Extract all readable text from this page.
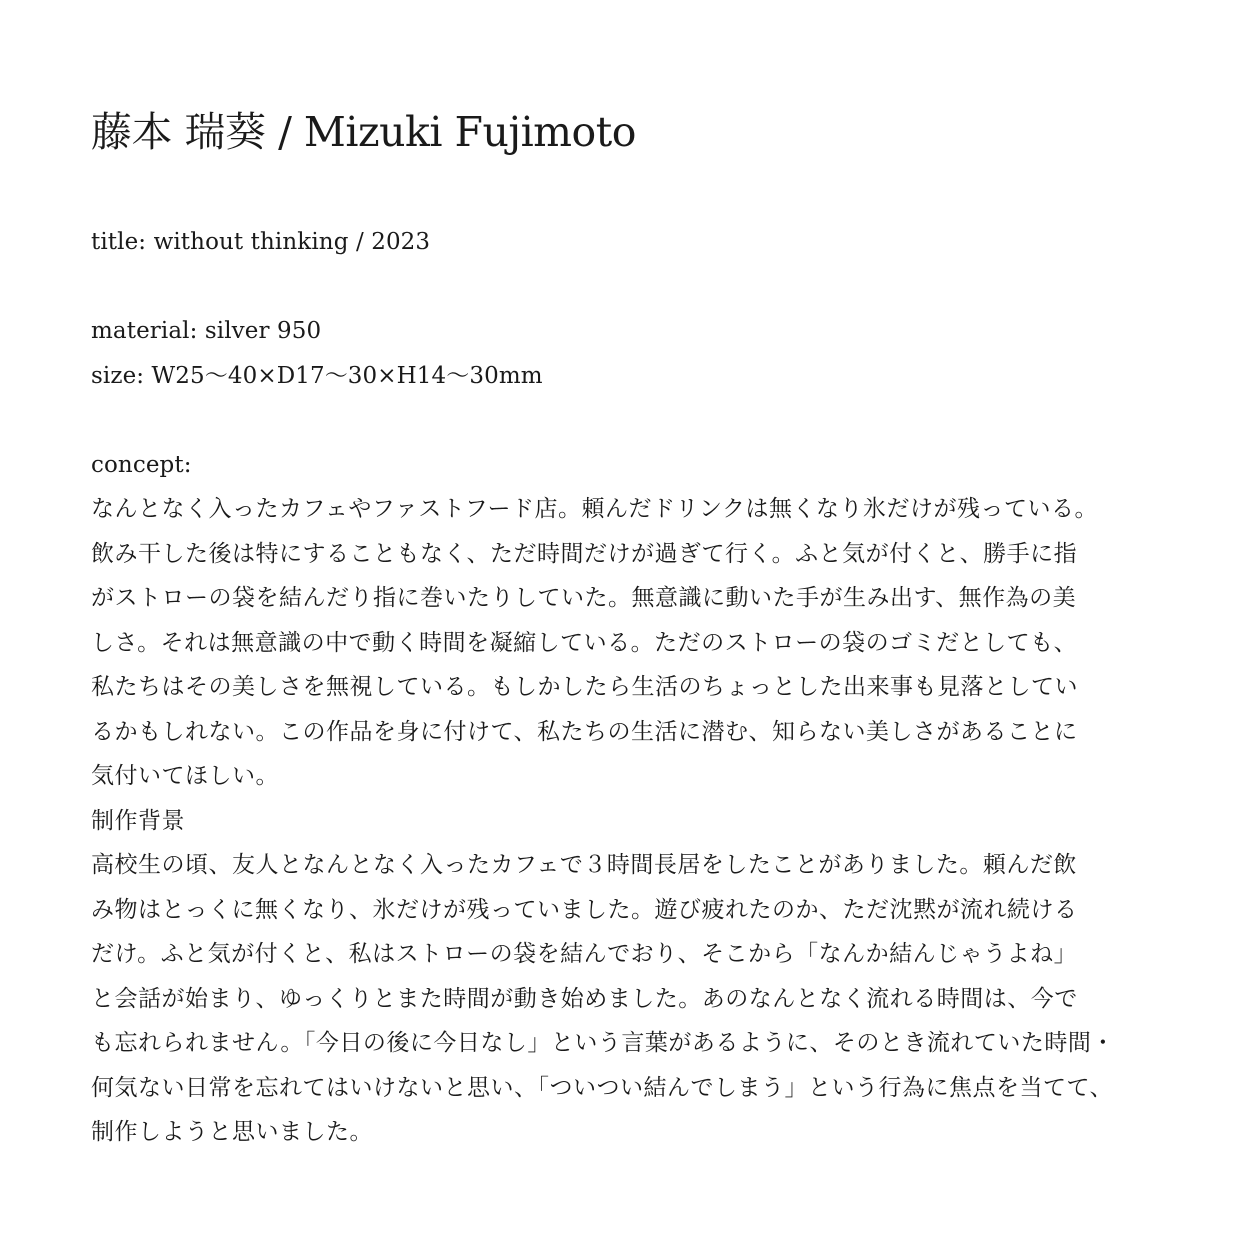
藤本 瑞葵 / Mizuki Fujimoto
title: without thinking / 2023
material: silver 950
size: W25〜40×D17〜30×H14〜30mm
concept:
なんとなく入ったカフェやファストフード店。頼んだドリンクは無くなり氷だけが残っている。
飲み干した後は特にすることもなく、ただ時間だけが過ぎて行く。ふと気が付くと、勝手に指
がストローの袋を結んだり指に巻いたりしていた。無意識に動いた手が生み出す、無作為の美
しさ。それは無意識の中で動く時間を凝縮している。ただのストローの袋のゴミだとしても、
私たちはその美しさを無視している。もしかしたら生活のちょっとした出来事も見落としてい
るかもしれない。この作品を身に付けて、私たちの生活に潜む、知らない美しさがあることに
気付いてほしい。
制作背景
高校生の頃、友人となんとなく入ったカフェで３時間長居をしたことがありました。頼んだ飲
み物はとっくに無くなり、氷だけが残っていました。遊び疲れたのか、ただ沈黙が流れ続ける
だけ。ふと気が付くと、私はストローの袋を結んでおり、そこから「なんか結んじゃうよね」
と会話が始まり、ゆっくりとまた時間が動き始めました。あのなんとなく流れる時間は、今で
も忘れられません。「今日の後に今日なし」という言葉があるように、そのとき流れていた時間・
何気ない日常を忘れてはいけないと思い、「ついつい結んでしまう」という行為に焦点を当てて、
制作しようと思いました。
